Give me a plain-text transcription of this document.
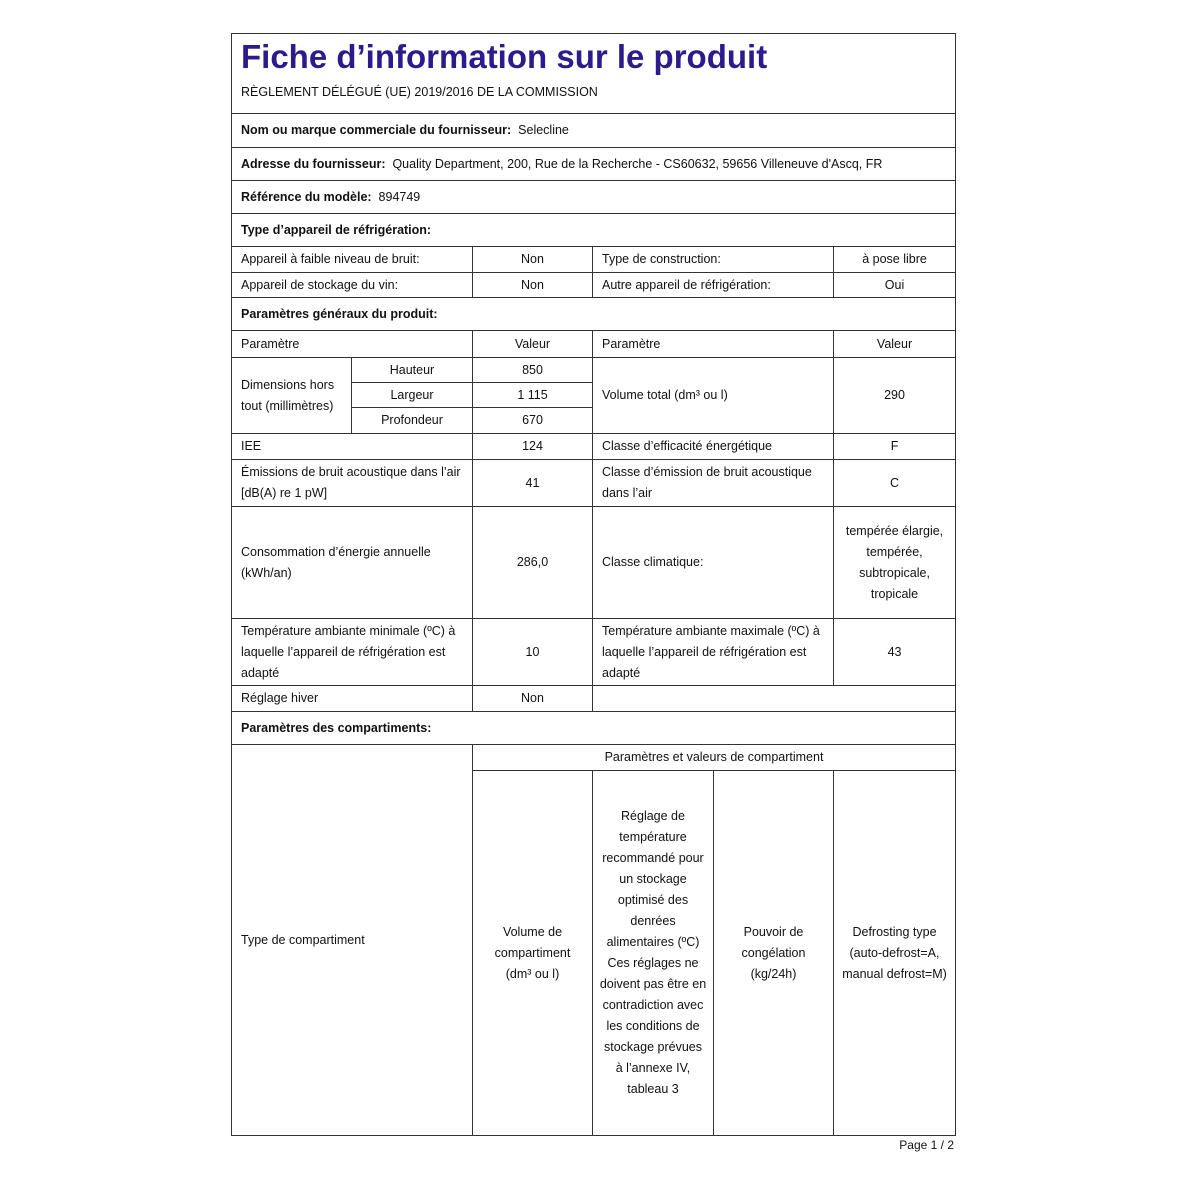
Fiche d’information sur le produit
RÈGLEMENT DÉLÉGUÉ (UE) 2019/2016 DE LA COMMISSION					

Nom ou marque commerciale du fournisseur: Selecline					
Adresse du fournisseur: Quality Department, 200, Rue de la Recherche - CS60632, 59656 Villeneuve d'Ascq, FR					
Référence du modèle: 894749					
Type d’appareil de réfrigération:					
Appareil à faible niveau de bruit:		Non	Type de construction:		à pose libre
Appareil de stockage du vin:		Non	Autre appareil de réfrigération:		Oui
Paramètres généraux du produit:					
Paramètre		Valeur	Paramètre		Valeur
Dimensions hors tout (millimètres)	Hauteur	850	Volume total (dm³ ou l)		290
	Largeur	1 115			
	Profondeur	670			
IEE		124	Classe d’efficacité énergétique		F
Émissions de bruit acoustique dans l’air [dB(A) re 1 pW]		41	Classe d’émission de bruit acoustique dans l’air		C
Consommation d’énergie annuelle (kWh/an)		286,0	Classe climatique:		tempérée élargie, tempérée, subtropicale, tropicale
Température ambiante minimale (ºC) à laquelle l’appareil de réfrigération est adapté		10	Température ambiante maximale (ºC) à laquelle l’appareil de réfrigération est adapté		43
Réglage hiver		Non			
Paramètres des compartiments:					
Type de compartiment		Paramètres et valeurs de compartiment			
		Volume de compartiment (dm³ ou l)	Réglage de température recommandé pour un stockage optimisé des denrées alimentaires (ºC) Ces réglages ne doivent pas être en contradiction avec les conditions de stockage prévues à l’annexe IV, tableau 3	Pouvoir de congélation (kg/24h)	Defrosting type (auto-defrost=A, manual defrost=M)
Page 1 / 2
